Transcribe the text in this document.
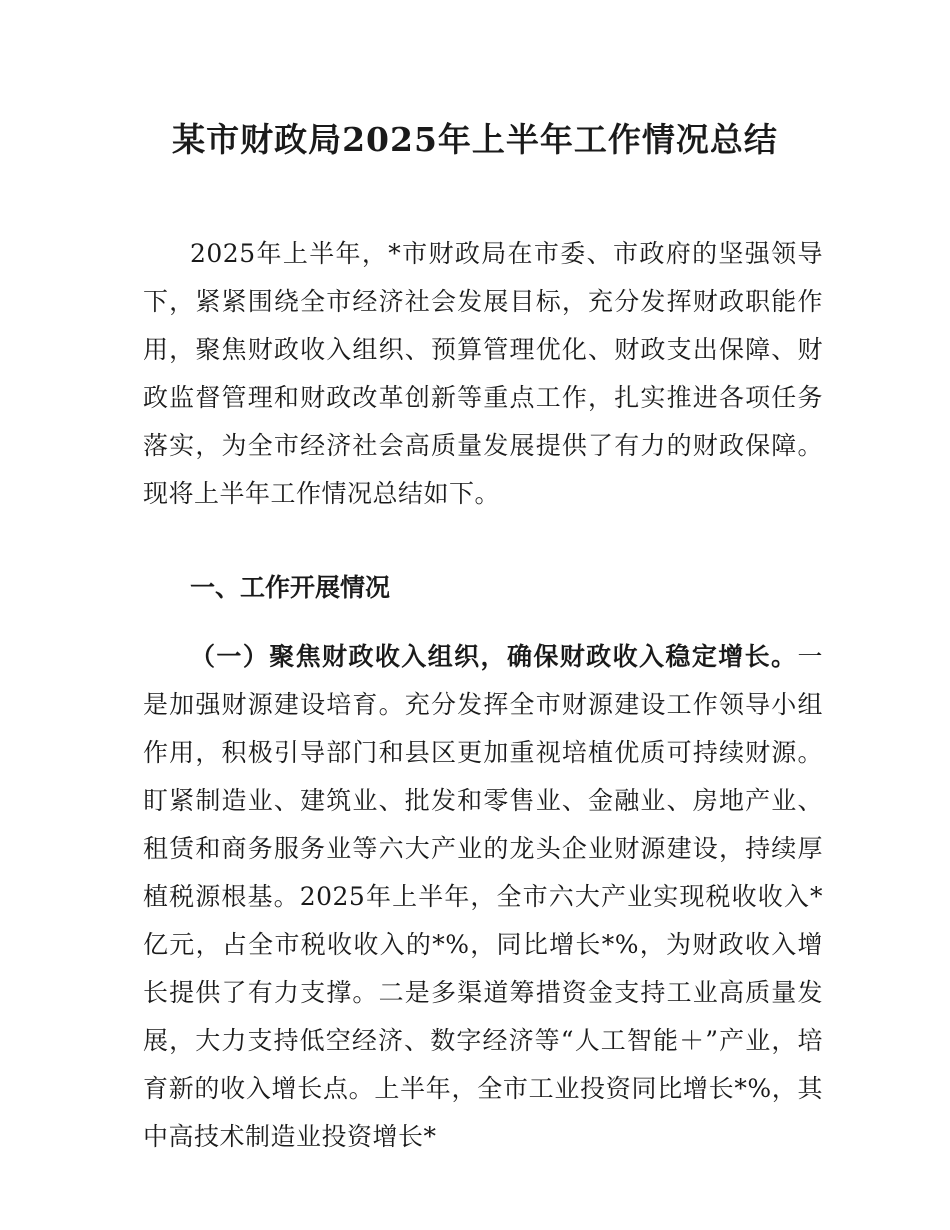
某市财政局2025年上半年工作情况总结

2025年上半年，*市财政局在市委、市政府的坚强领导下，紧紧围绕全市经济社会发展目标，充分发挥财政职能作用，聚焦财政收入组织、预算管理优化、财政支出保障、财政监督管理和财政改革创新等重点工作，扎实推进各项任务落实，为全市经济社会高质量发展提供了有力的财政保障。现将上半年工作情况总结如下。

一、工作开展情况

（一）聚焦财政收入组织，确保财政收入稳定增长。一是加强财源建设培育。充分发挥全市财源建设工作领导小组作用，积极引导部门和县区更加重视培植优质可持续财源。盯紧制造业、建筑业、批发和零售业、金融业、房地产业、租赁和商务服务业等六大产业的龙头企业财源建设，持续厚植税源根基。2025年上半年，全市六大产业实现税收收入*亿元，占全市税收收入的*%，同比增长*%，为财政收入增长提供了有力支撑。二是多渠道筹措资金支持工业高质量发展，大力支持低空经济、数字经济等“人工智能＋”产业，培育新的收入增长点。上半年，全市工业投资同比增长*%，其中高技术制造业投资增长*
